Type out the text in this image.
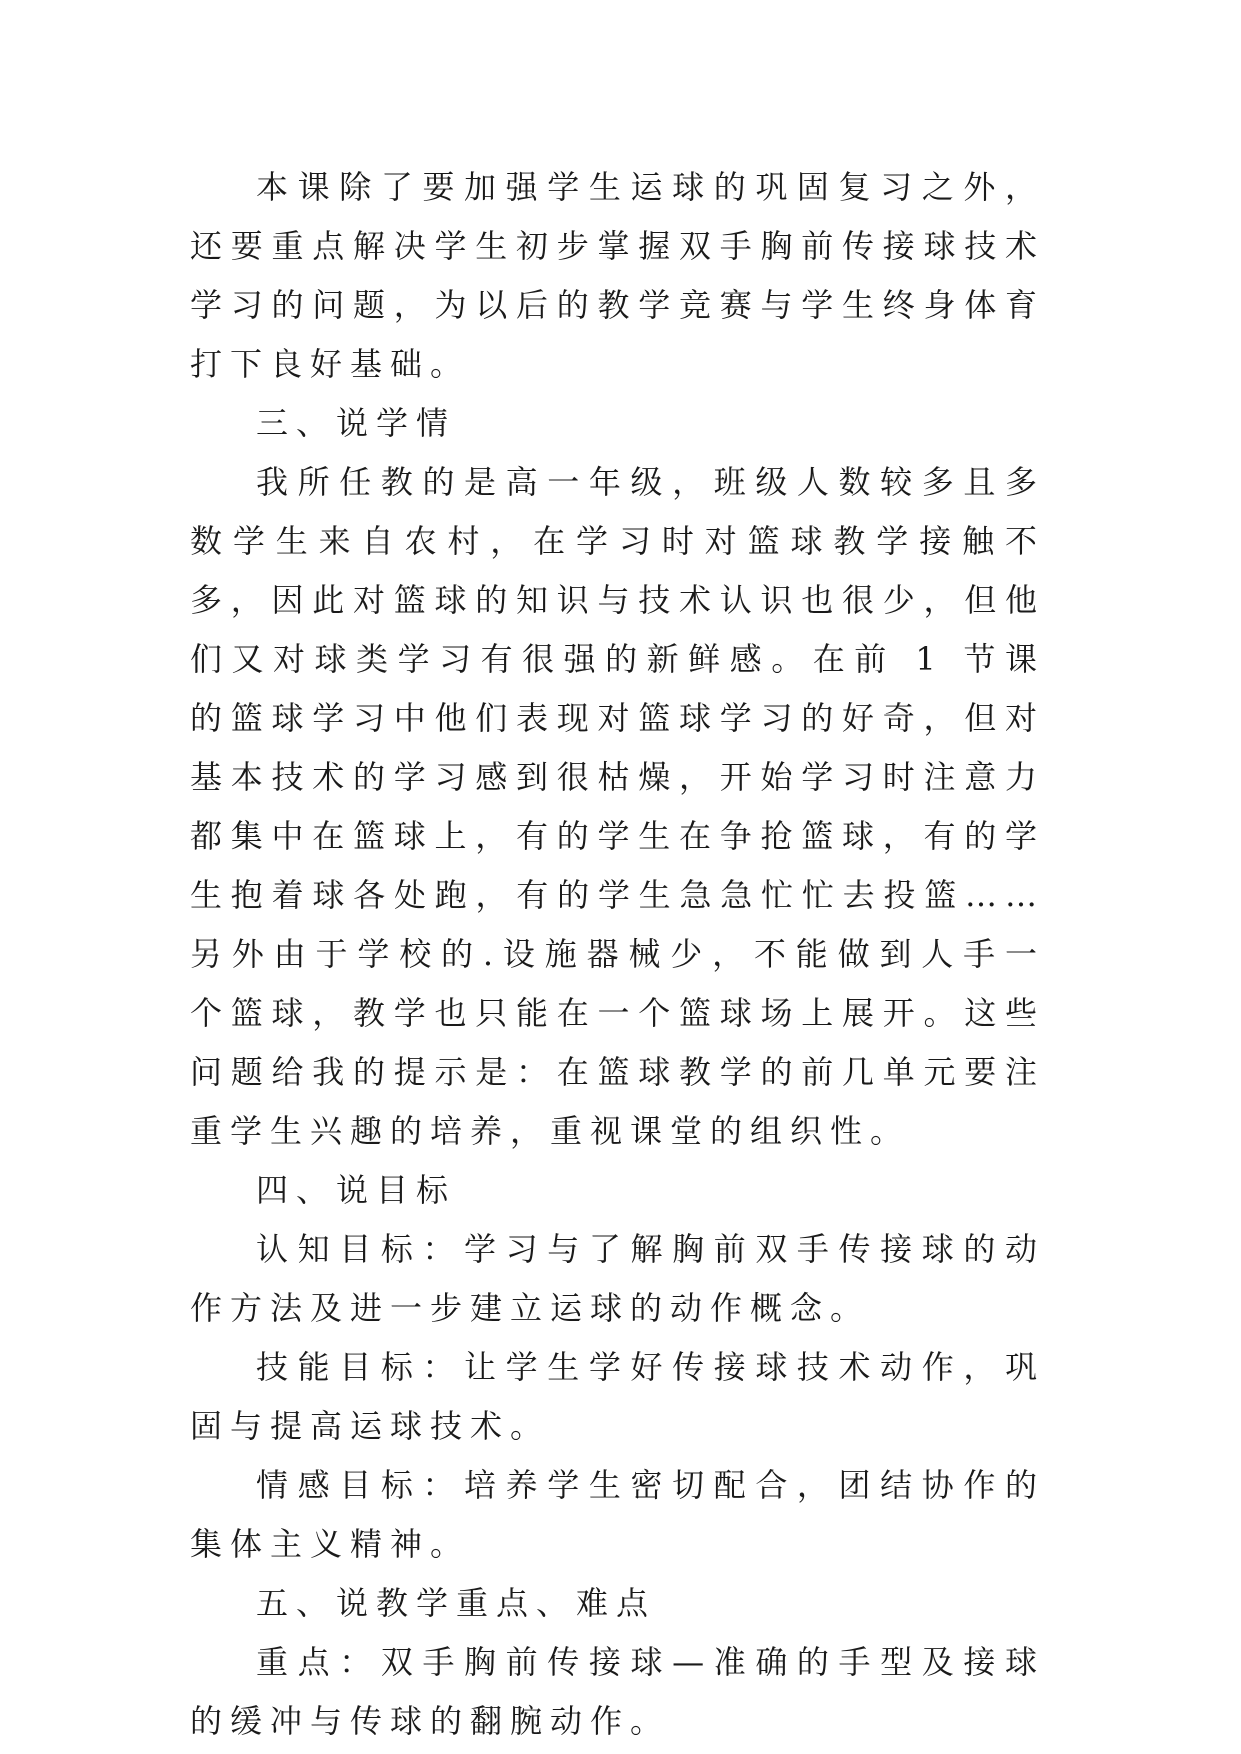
本课除了要加强学生运球的巩固复习之外，还要重点解决学生初步掌握双手胸前传接球技术学习的问题，为以后的教学竞赛与学生终身体育打下良好基础。

三、说学情

我所任教的是高一年级，班级人数较多且多数学生来自农村，在学习时对篮球教学接触不多，因此对篮球的知识与技术认识也很少，但他们又对球类学习有很强的新鲜感。在前 1 节课的篮球学习中他们表现对篮球学习的好奇，但对基本技术的学习感到很枯燥，开始学习时注意力都集中在篮球上，有的学生在争抢篮球，有的学生抱着球各处跑，有的学生急急忙忙去投篮……另外由于学校的.设施器械少，不能做到人手一个篮球，教学也只能在一个篮球场上展开。这些问题给我的提示是：在篮球教学的前几单元要注重学生兴趣的培养，重视课堂的组织性。

四、说目标

认知目标：学习与了解胸前双手传接球的动作方法及进一步建立运球的动作概念。

技能目标：让学生学好传接球技术动作，巩固与提高运球技术。

情感目标：培养学生密切配合，团结协作的集体主义精神。

五、说教学重点、难点

重点：双手胸前传接球—准确的手型及接球的缓冲与传球的翻腕动作。
